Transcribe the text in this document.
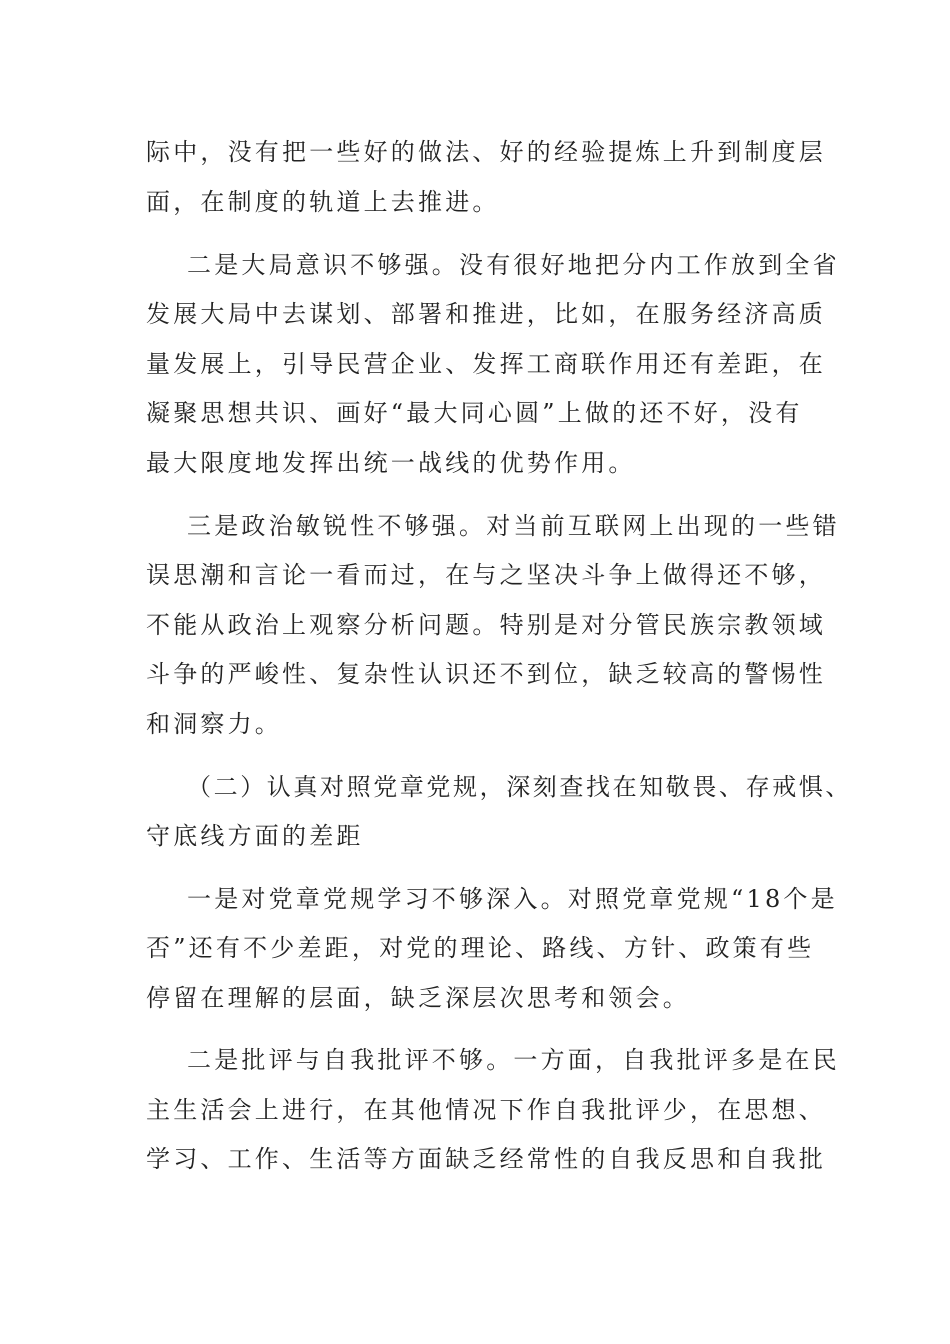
际中，没有把一些好的做法、好的经验提炼上升到制度层
面，在制度的轨道上去推进。
二是大局意识不够强。没有很好地把分内工作放到全省
发展大局中去谋划、部署和推进，比如，在服务经济高质
量发展上，引导民营企业、发挥工商联作用还有差距，在
凝聚思想共识、画好“最大同心圆”上做的还不好，没有
最大限度地发挥出统一战线的优势作用。
三是政治敏锐性不够强。对当前互联网上出现的一些错
误思潮和言论一看而过，在与之坚决斗争上做得还不够，
不能从政治上观察分析问题。特别是对分管民族宗教领域
斗争的严峻性、复杂性认识还不到位，缺乏较高的警惕性
和洞察力。
（二）认真对照党章党规，深刻查找在知敬畏、存戒惧、
守底线方面的差距
一是对党章党规学习不够深入。对照党章党规“18个是
否”还有不少差距，对党的理论、路线、方针、政策有些
停留在理解的层面，缺乏深层次思考和领会。
二是批评与自我批评不够。一方面，自我批评多是在民
主生活会上进行，在其他情况下作自我批评少，在思想、
学习、工作、生活等方面缺乏经常性的自我反思和自我批
